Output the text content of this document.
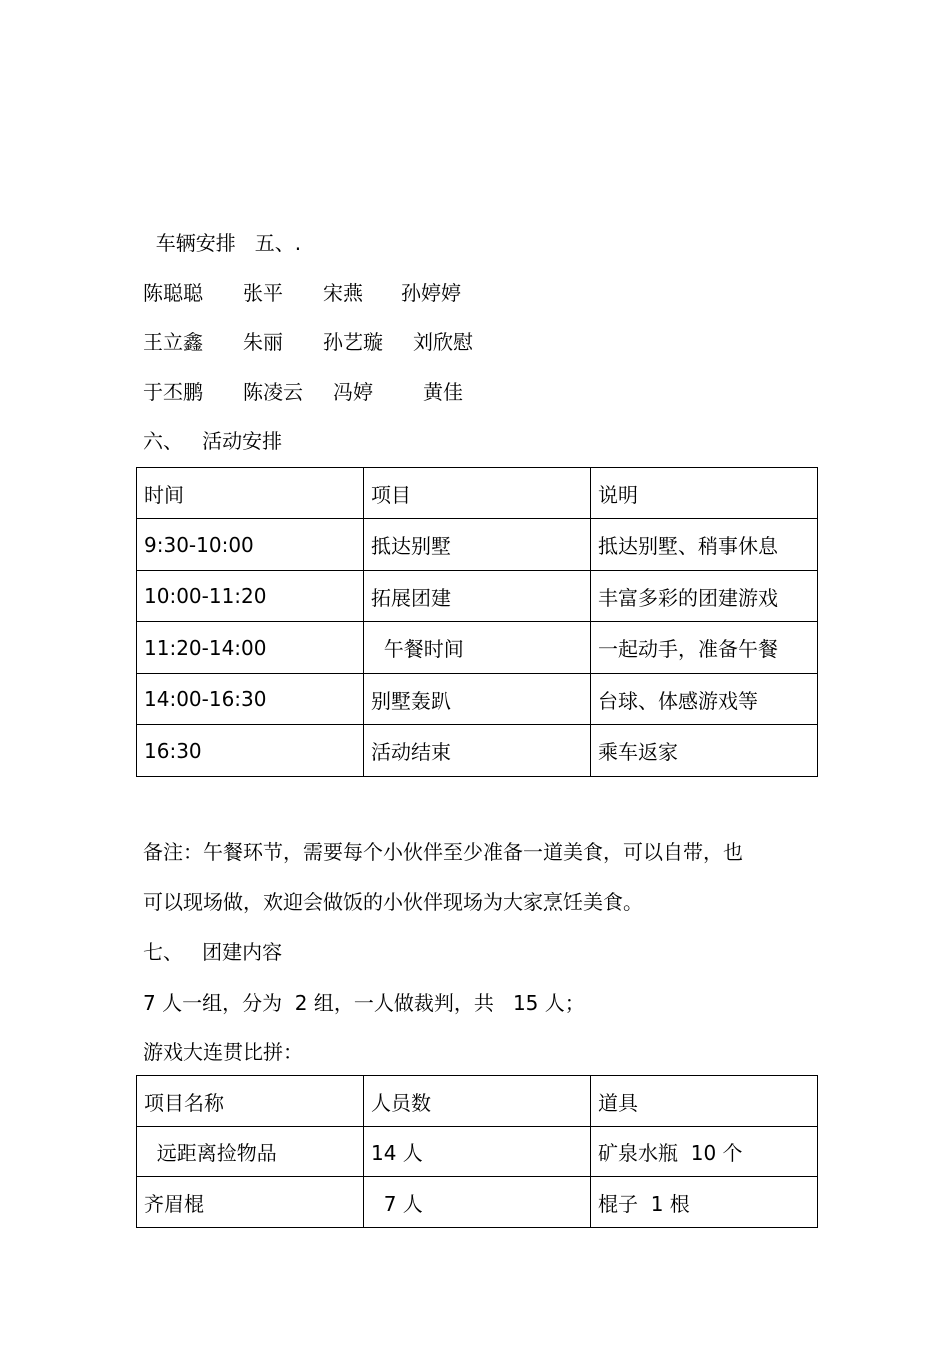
车辆安排   五、.
陈聪聪 张平 宋燕 孙婷婷
王立鑫 朱丽 孙艺璇 刘欣慰
于丕鹏 陈凌云 冯婷	黄佳
六、   活动安排
时间	项目	说明
9:30-10:00	抵达别墅	抵达别墅、稍事休息
10:00-11:20	拓展团建	丰富多彩的团建游戏
11:20-14:00	午餐时间	一起动手，准备午餐
14:00-16:30	别墅轰趴	台球、体感游戏等
16:30	活动结束	乘车返家
备注：午餐环节，需要每个小伙伴至少准备一道美食，可以自带，也
可以现场做，欢迎会做饭的小伙伴现场为大家烹饪美食。
七、   团建内容
7 人一组，分为  2 组，一人做裁判，共   15 人；
游戏大连贯比拼：
项目名称	人员数	道具
远距离捡物品	14 人	矿泉水瓶  10 个
齐眉棍	7 人	棍子  1 根
